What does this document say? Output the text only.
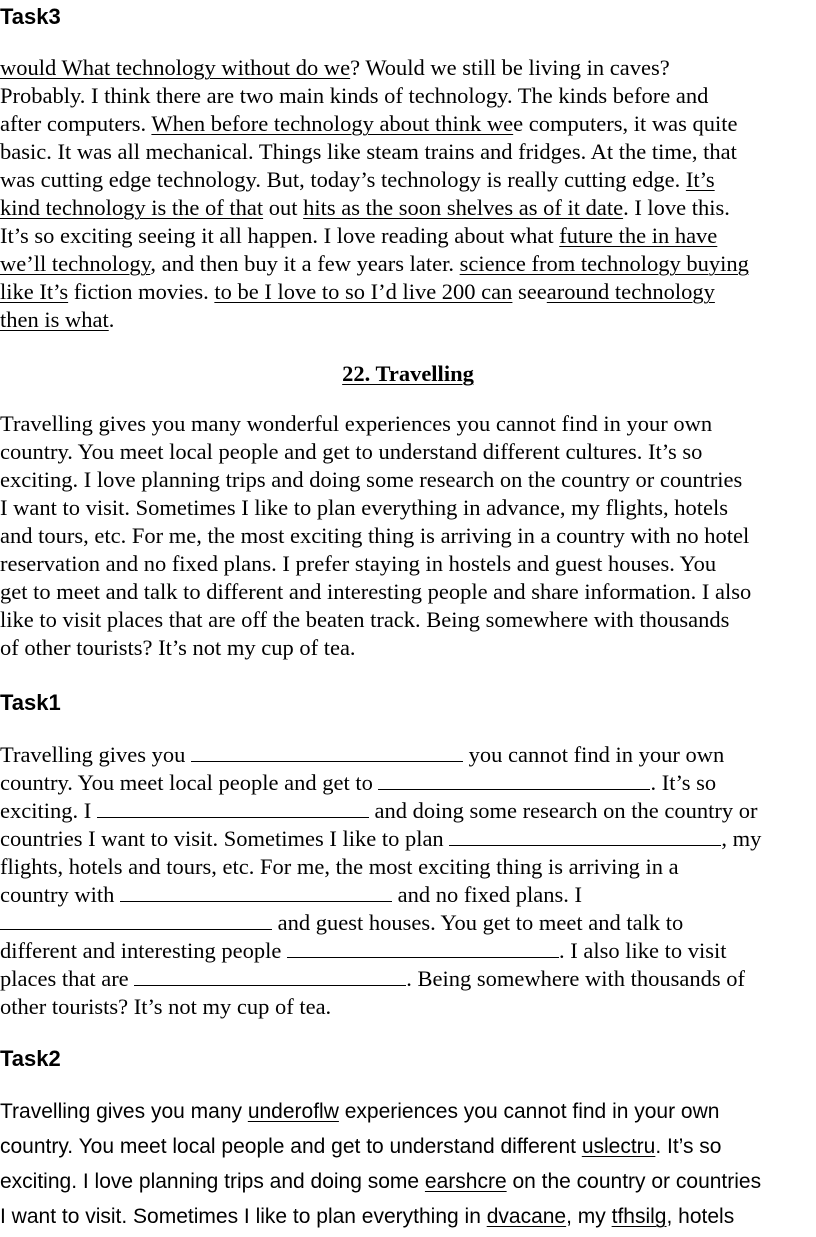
Task3
would What technology without do we? Would we still be living in caves?
Probably. I think there are two main kinds of technology. The kinds before and
after computers. When before technology about think wee computers, it was quite
basic. It was all mechanical. Things like steam trains and fridges. At the time, that
was cutting edge technology. But, today’s technology is really cutting edge. It’s
kind technology is the of that out hits as the soon shelves as of it date. I love this.
It’s so exciting seeing it all happen. I love reading about what future the in have
we’ll technology, and then buy it a few years later. science from technology buying
like It’s fiction movies. to be I love to so I’d live 200 can seearound technology
then is what.
22. Travelling
Travelling gives you many wonderful experiences you cannot find in your own
country. You meet local people and get to understand different cultures. It’s so
exciting. I love planning trips and doing some research on the country or countries
I want to visit. Sometimes I like to plan everything in advance, my flights, hotels
and tours, etc. For me, the most exciting thing is arriving in a country with no hotel
reservation and no fixed plans. I prefer staying in hostels and guest houses. You
get to meet and talk to different and interesting people and share information. I also
like to visit places that are off the beaten track. Being somewhere with thousands
of other tourists? It’s not my cup of tea.
Task1
Travelling gives you	you cannot find in your own
country. You meet local people and get to	. It’s so
exciting. I	and doing some research on the country or
countries I want to visit. Sometimes I like to plan	, my
flights, hotels and tours, etc. For me, the most exciting thing is arriving in a
country with	and no fixed plans. I
and guest houses. You get to meet and talk to
different and interesting people	. I also like to visit
places that are	. Being somewhere with thousands of
other tourists? It’s not my cup of tea.
Task2
Travelling gives you many underoflw experiences you cannot find in your own
country. You meet local people and get to understand different uslectru. It’s so
exciting. I love planning trips and doing some earshcre on the country or countries
I want to visit. Sometimes I like to plan everything in dvacane, my tfhsilg, hotels
